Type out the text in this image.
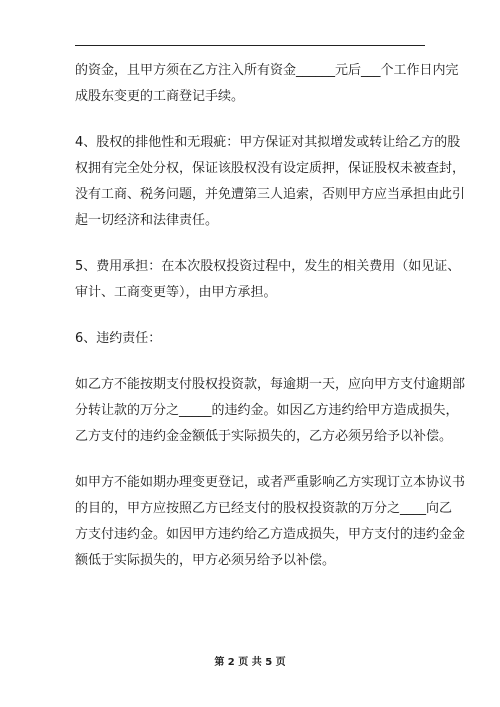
的资金，且甲方须在乙方注入所有资金______元后___个工作日内完
成股东变更的工商登记手续。

4、股权的排他性和无瑕疵：甲方保证对其拟增发或转让给乙方的股
权拥有完全处分权，保证该股权没有设定质押，保证股权未被查封，
没有工商、税务问题，并免遭第三人追索，否则甲方应当承担由此引
起一切经济和法律责任。

5、费用承担：在本次股权投资过程中，发生的相关费用（如见证、
审计、工商变更等），由甲方承担。

6、违约责任：

如乙方不能按期支付股权投资款，每逾期一天，应向甲方支付逾期部
分转让款的万分之_____的违约金。如因乙方违约给甲方造成损失，
乙方支付的违约金金额低于实际损失的，乙方必须另给予以补偿。

如甲方不能如期办理变更登记，或者严重影响乙方实现订立本协议书
的目的，甲方应按照乙方已经支付的股权投资款的万分之____向乙
方支付违约金。如因甲方违约给乙方造成损失，甲方支付的违约金金
额低于实际损失的，甲方必须另给予以补偿。

第 2 页 共 5 页
